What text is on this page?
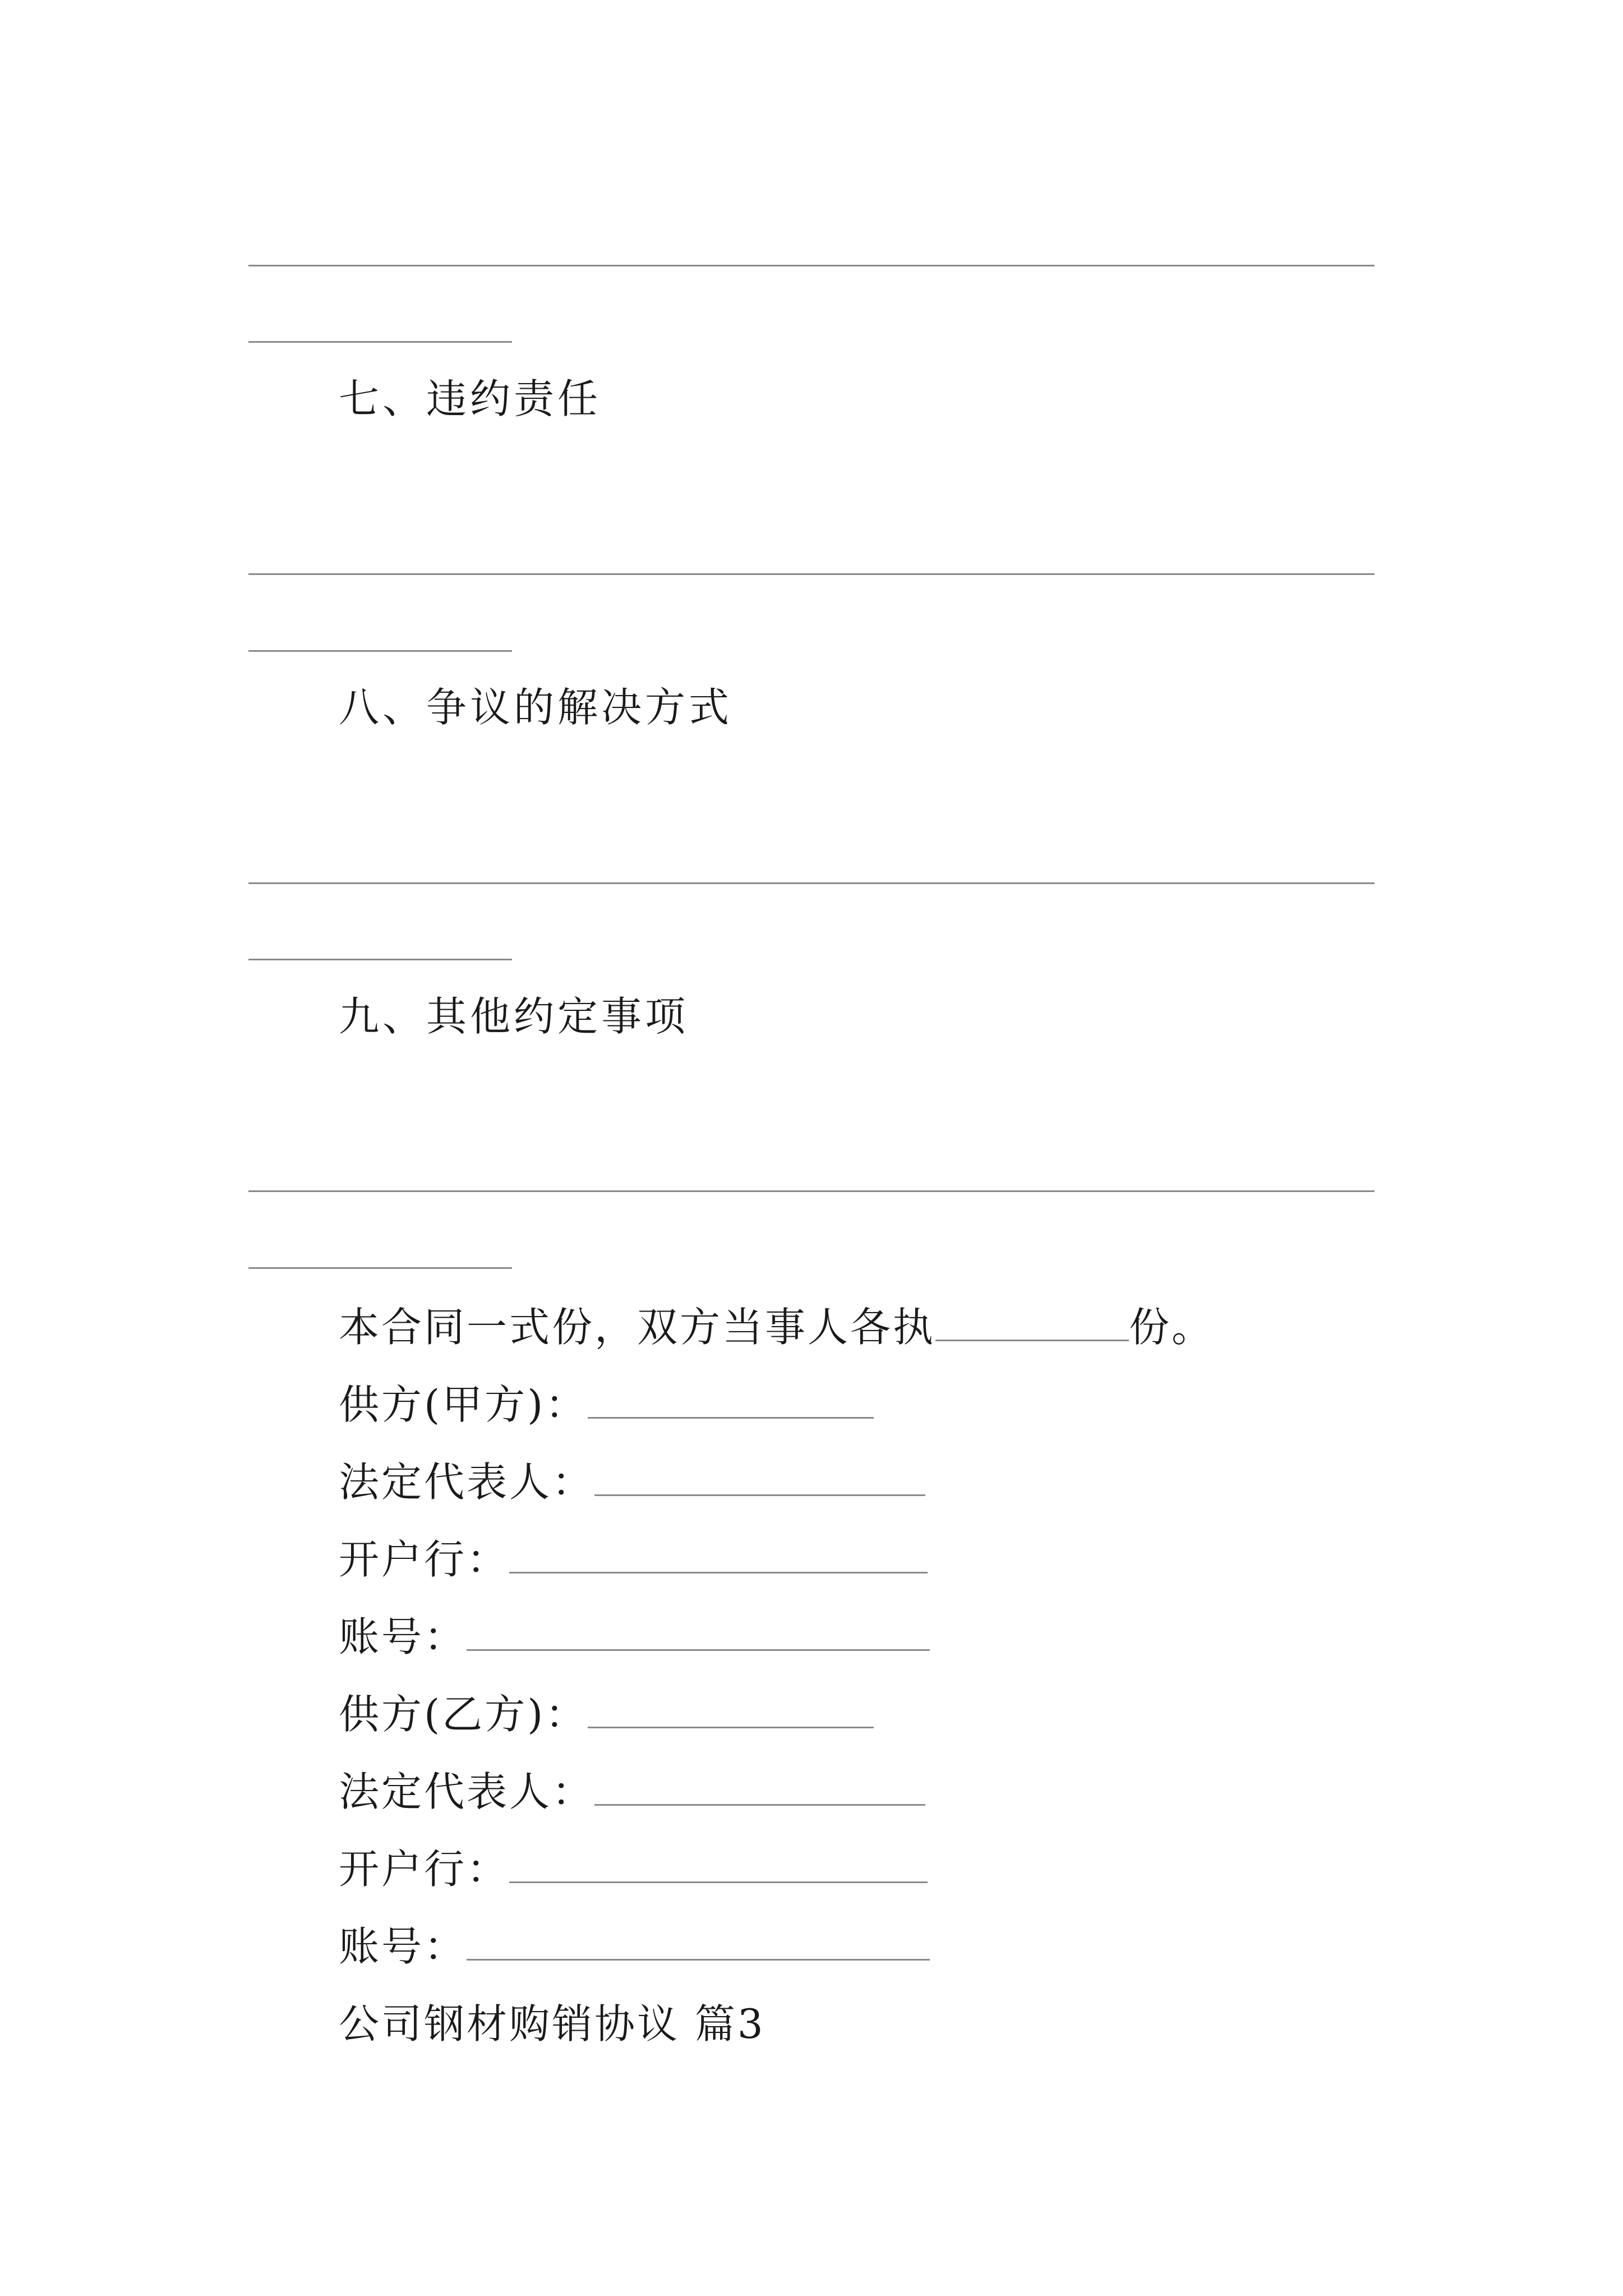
七、违约责任
八、争议的解决方式
九、其他约定事项
本合同一式份，双方当事人各执	份。
供方(甲方)：
法定代表人：
开户行：
账号：
供方(乙方)：
法定代表人：
开户行：
账号：
公司钢材购销协议 篇3
